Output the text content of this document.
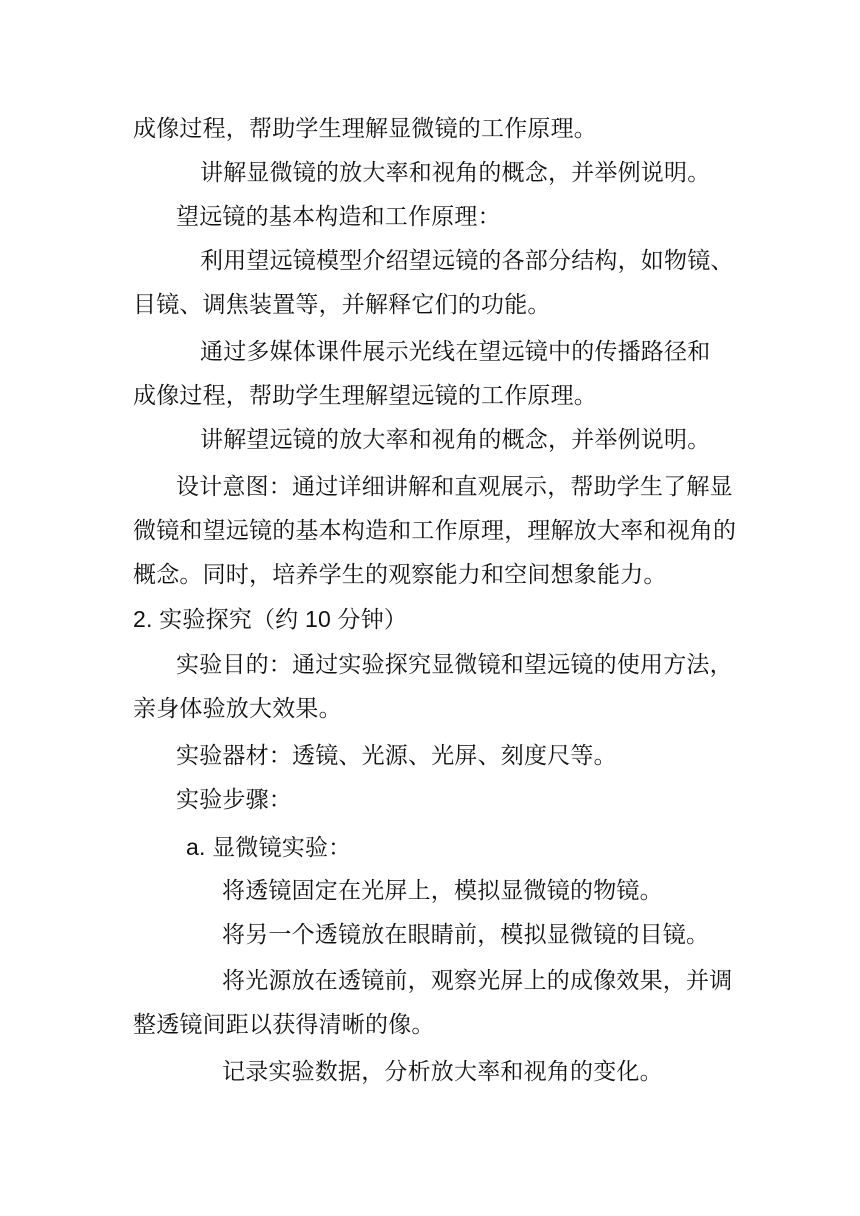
成像过程，帮助学生理解显微镜的工作原理。
讲解显微镜的放大率和视角的概念，并举例说明。
望远镜的基本构造和工作原理：
利用望远镜模型介绍望远镜的各部分结构，如物镜、
目镜、调焦装置等，并解释它们的功能。
通过多媒体课件展示光线在望远镜中的传播路径和
成像过程，帮助学生理解望远镜的工作原理。
讲解望远镜的放大率和视角的概念，并举例说明。
设计意图：通过详细讲解和直观展示，帮助学生了解显
微镜和望远镜的基本构造和工作原理，理解放大率和视角的
概念。同时，培养学生的观察能力和空间想象能力。
2. 实验探究（约 10 分钟）
实验目的：通过实验探究显微镜和望远镜的使用方法，
亲身体验放大效果。
实验器材：透镜、光源、光屏、刻度尺等。
实验步骤：
a. 显微镜实验：
将透镜固定在光屏上，模拟显微镜的物镜。
将另一个透镜放在眼睛前，模拟显微镜的目镜。
将光源放在透镜前，观察光屏上的成像效果，并调
整透镜间距以获得清晰的像。
记录实验数据，分析放大率和视角的变化。
